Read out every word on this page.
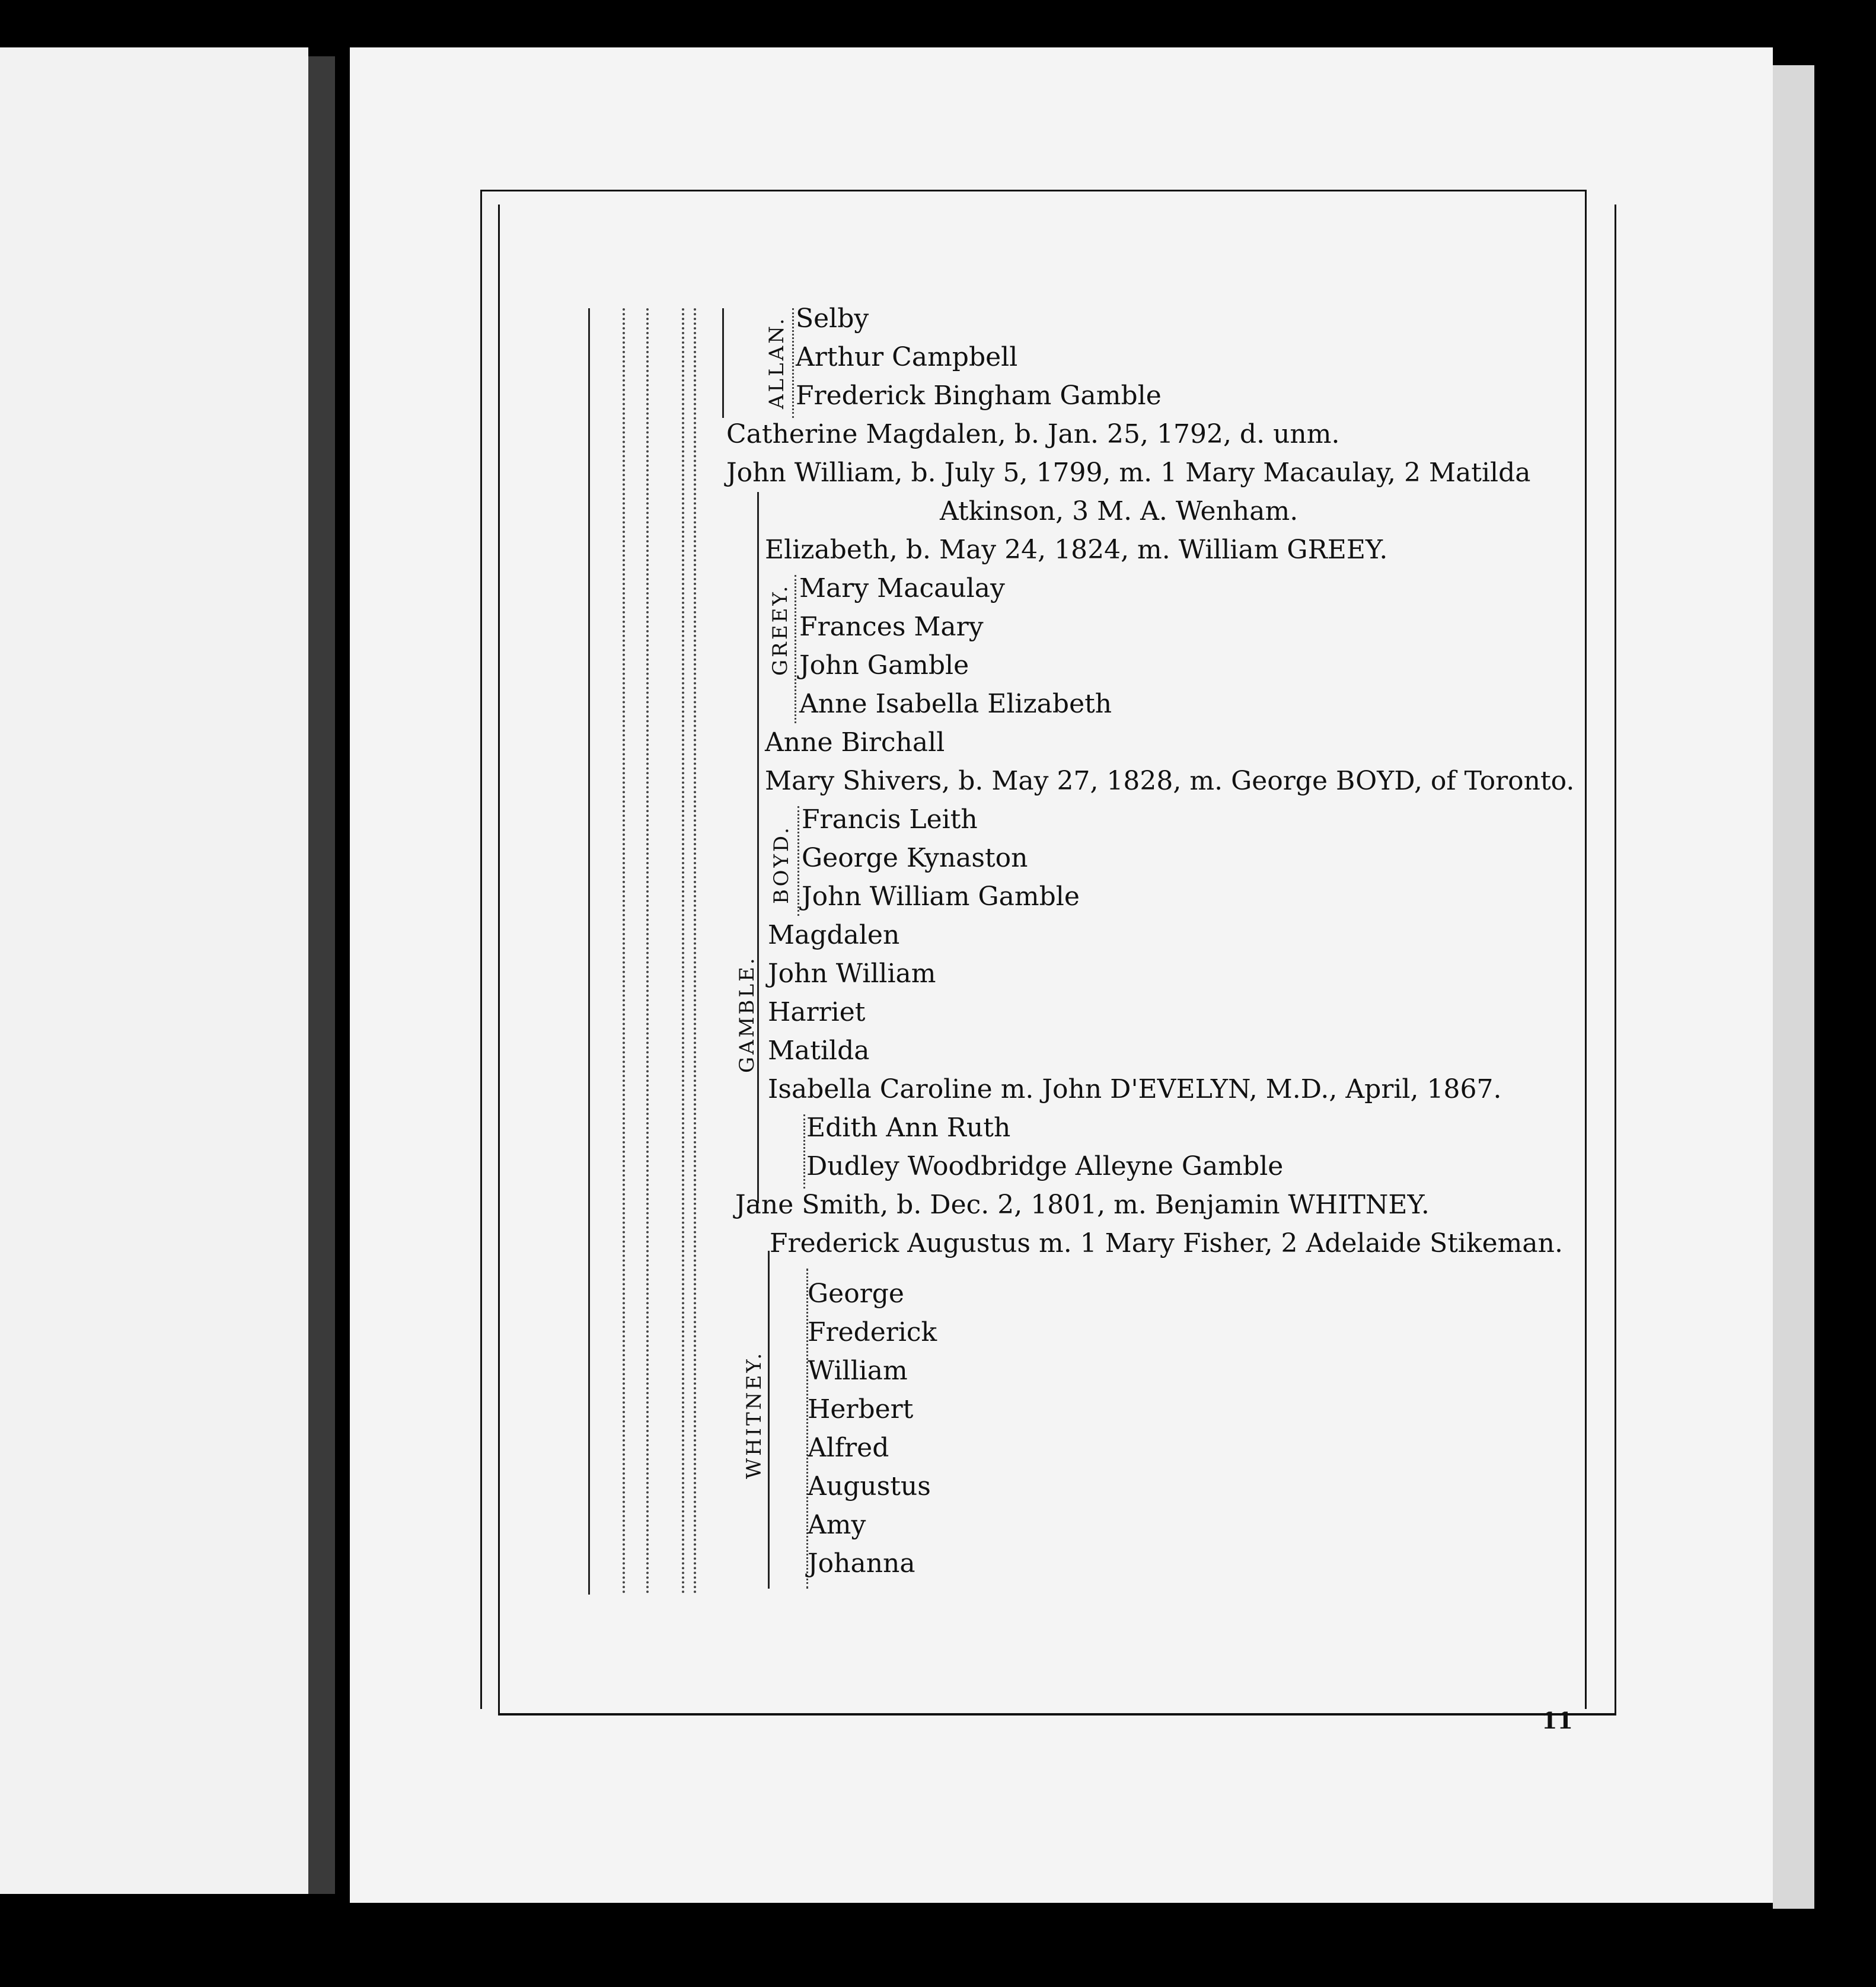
ALLAN.
GREEY.
BOYD.
GAMBLE.
WHITNEY.
Selby
Arthur Campbell
Frederick Bingham Gamble
Catherine Magdalen, b. Jan. 25, 1792, d. unm.
John William, b. July 5, 1799, m. 1 Mary Macaulay, 2 Matilda
Atkinson, 3 M. A. Wenham.
Elizabeth, b. May 24, 1824, m. William GREEY.
Mary Macaulay
Frances Mary
John Gamble
Anne Isabella Elizabeth
Anne Birchall
Mary Shivers, b. May 27, 1828, m. George BOYD, of Toronto.
Francis Leith
George Kynaston
John William Gamble
Magdalen
John William
Harriet
Matilda
Isabella Caroline m. John D'EVELYN, M.D., April, 1867.
Edith Ann Ruth
Dudley Woodbridge Alleyne Gamble
Jane Smith, b. Dec. 2, 1801, m. Benjamin WHITNEY.
Frederick Augustus m. 1 Mary Fisher, 2 Adelaide Stikeman.
George
Frederick
William
Herbert
Alfred
Augustus
Amy
Johanna
11
